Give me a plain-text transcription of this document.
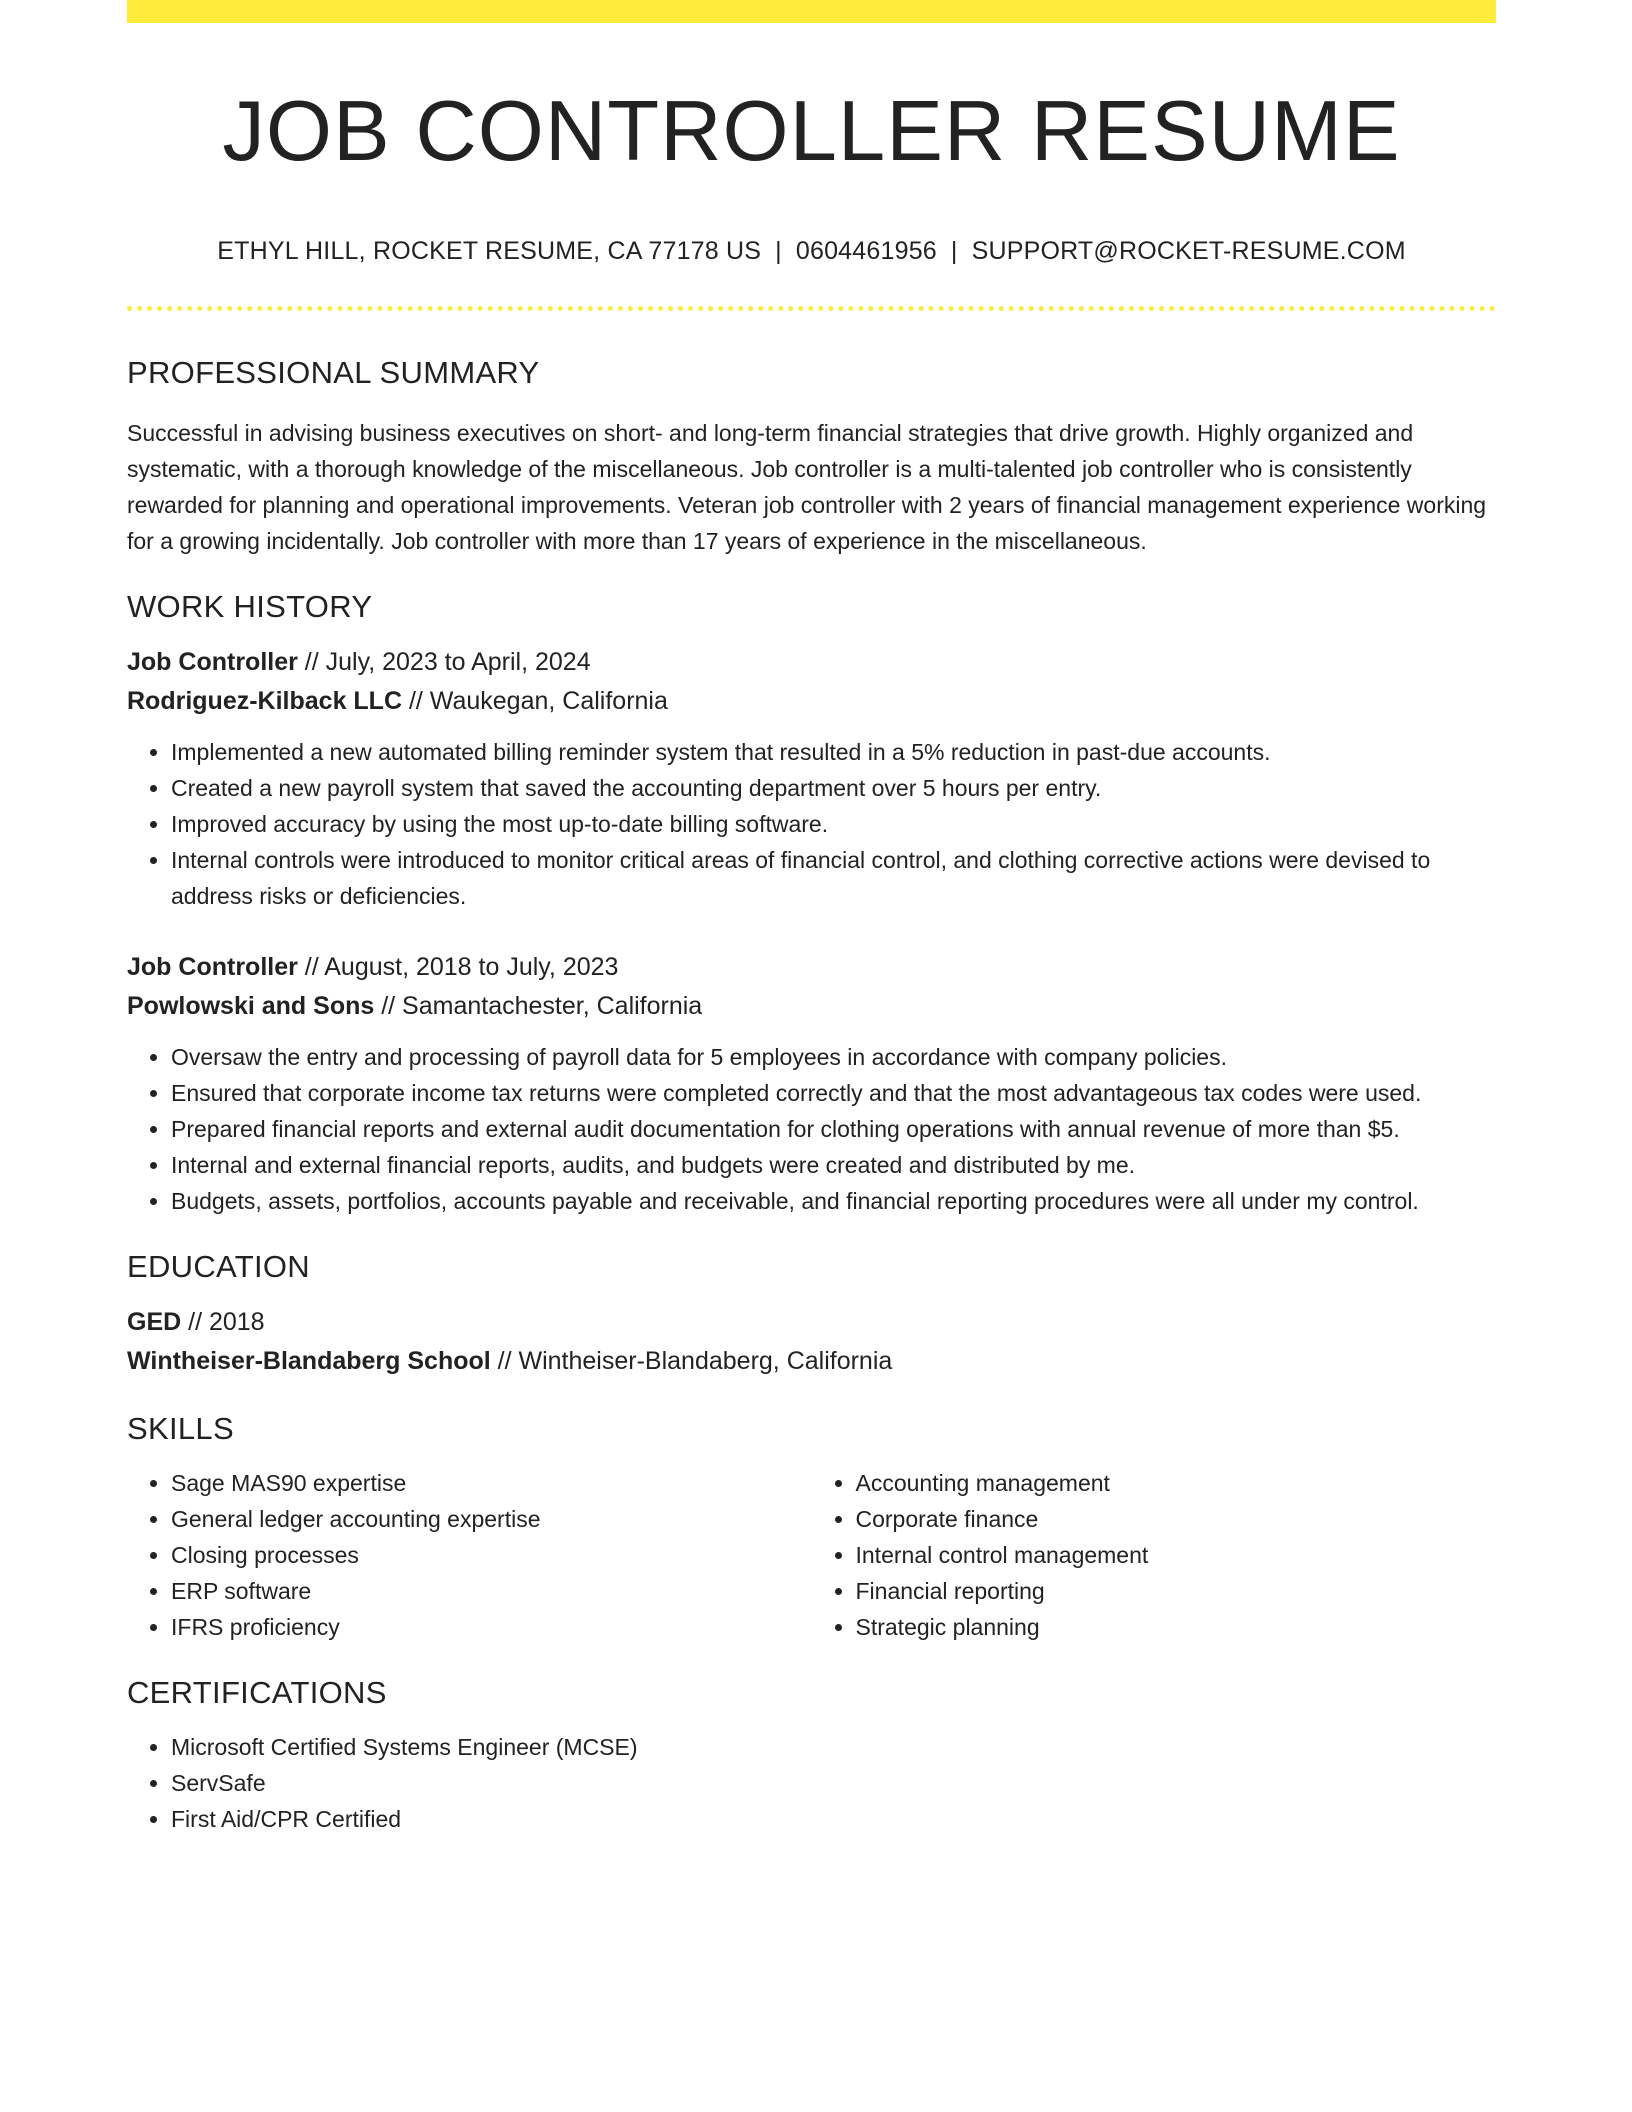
JOB CONTROLLER RESUME
ETHYL HILL, ROCKET RESUME, CA 77178 US | 0604461956 | SUPPORT@ROCKET-RESUME.COM
PROFESSIONAL SUMMARY

Successful in advising business executives on short- and long-term financial strategies that drive growth. Highly organized and systematic, with a thorough knowledge of the miscellaneous. Job controller is a multi-talented job controller who is consistently rewarded for planning and operational improvements. Veteran job controller with 2 years of financial management experience working for a growing incidentally. Job controller with more than 17 years of experience in the miscellaneous.

WORK HISTORY
Job Controller // July, 2023 to April, 2024
Rodriguez-Kilback LLC // Waukegan, California
• Implemented a new automated billing reminder system that resulted in a 5% reduction in past-due accounts.
• Created a new payroll system that saved the accounting department over 5 hours per entry.
• Improved accuracy by using the most up-to-date billing software.
• Internal controls were introduced to monitor critical areas of financial control, and clothing corrective actions were devised to address risks or deficiencies.
Job Controller // August, 2018 to July, 2023
Powlowski and Sons // Samantachester, California
• Oversaw the entry and processing of payroll data for 5 employees in accordance with company policies.
• Ensured that corporate income tax returns were completed correctly and that the most advantageous tax codes were used.
• Prepared financial reports and external audit documentation for clothing operations with annual revenue of more than $5.
• Internal and external financial reports, audits, and budgets were created and distributed by me.
• Budgets, assets, portfolios, accounts payable and receivable, and financial reporting procedures were all under my control.
EDUCATION
GED // 2018
Wintheiser-Blandaberg School // Wintheiser-Blandaberg, California
SKILLS
• Sage MAS90 expertise
• General ledger accounting expertise
• Closing processes
• ERP software
• IFRS proficiency
• Accounting management
• Corporate finance
• Internal control management
• Financial reporting
• Strategic planning
CERTIFICATIONS
• Microsoft Certified Systems Engineer (MCSE)
• ServSafe
• First Aid/CPR Certified
